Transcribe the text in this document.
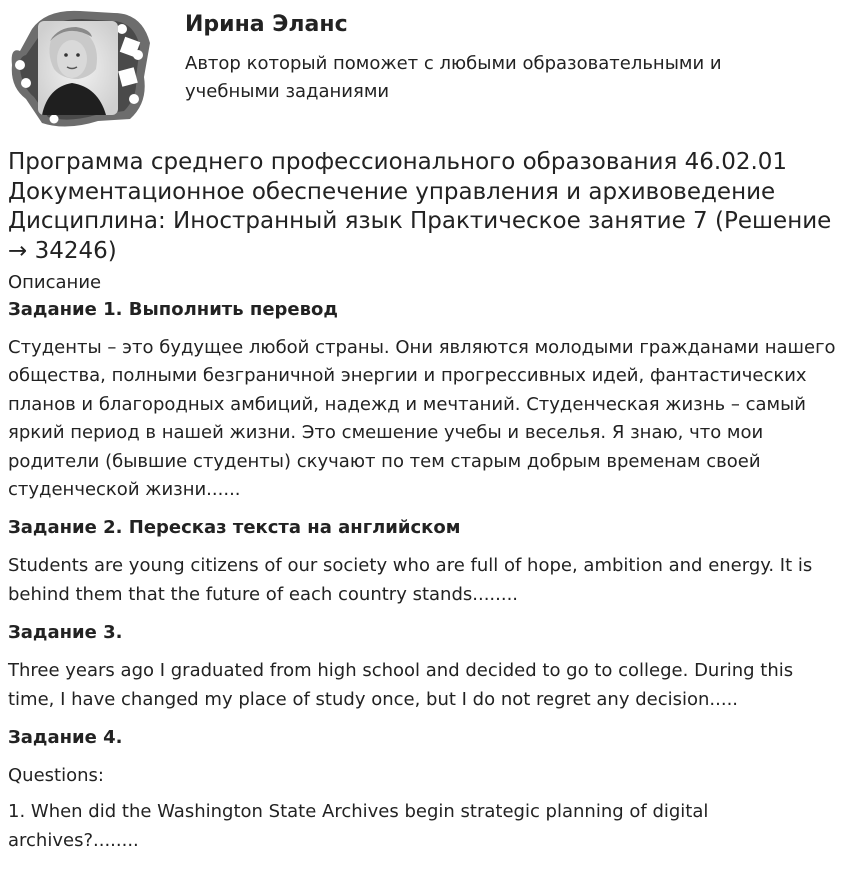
Ирина Эланс

Автор который поможет с любыми образовательными и учебными заданиями

Программа среднего профессионального образования 46.02.01 Документационное обеспечение управления и архивоведение Дисциплина: Иностранный язык Практическое занятие 7 (Решение → 34246)

Описание

Задание 1. Выполнить перевод

Студенты – это будущее любой страны. Они являются молодыми гражданами нашего общества, полными безграничной энергии и прогрессивных идей, фантастических планов и благородных амбиций, надежд и мечтаний. Студенческая жизнь – самый яркий период в нашей жизни. Это смешение учебы и веселья. Я знаю, что мои родители (бывшие студенты) скучают по тем старым добрым временам своей студенческой жизни......

Задание 2. Пересказ текста на английском

Students are young citizens of our society who are full of hope, ambition and energy. It is behind them that the future of each country stands........

Задание 3.

Three years ago I graduated from high school and decided to go to college. During this time, I have changed my place of study once, but I do not regret any decision.....

Задание 4.

Questions:

1. When did the Washington State Archives begin strategic planning of digital archives?........
